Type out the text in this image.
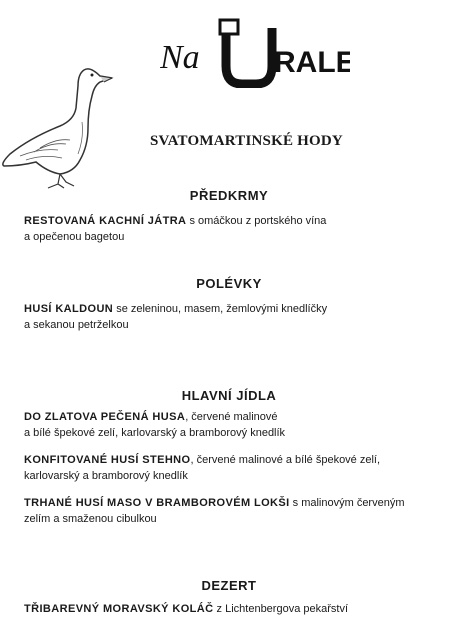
Na
U
RALE
SVATOMARTINSKÉ HODY
PŘEDKRMY
RESTOVANÁ KACHNÍ JÁTRA s omáčkou z portského vína
a opečenou bagetou
POLÉVKY
HUSÍ KALDOUN se zeleninou, masem, žemlovými knedlíčky
a sekanou petrželkou
HLAVNÍ JÍDLA
DO ZLATOVA PEČENÁ HUSA, červené malinové
a bílé špekové zelí, karlovarský a bramborový knedlík
KONFITOVANÉ HUSÍ STEHNO, červené malinové a bílé špekové zelí,
karlovarský a bramborový knedlík
TRHANÉ HUSÍ MASO V BRAMBOROVÉM LOKŠI s malinovým červeným
zelím a smaženou cibulkou
DEZERT
TŘIBAREVNÝ MORAVSKÝ KOLÁČ z Lichtenbergova pekařství
